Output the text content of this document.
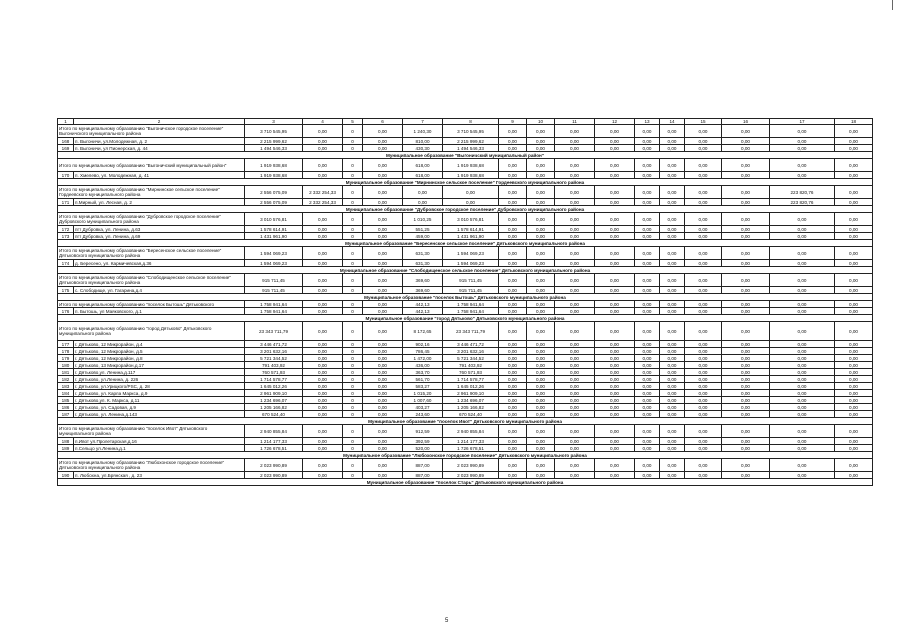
1	2	3	4	5	6	7	8	9	10	11	12	13	14	15	16	17	18
Итого по муниципальному образованию "Выгоничское городское поселение" Выгоничского муниципального района		3 710 545,95	0,00	0	0,00	1 240,30	3 710 545,95	0,00	0,00	0,00	0,00	0,00	0,00	0,00	0,00	0,00	0,00
168	п. Выгоничи, ул.Молодежная, д. 2	2 215 999,62	0,00	0	0,00	810,00	2 215 999,62	0,00	0,00	0,00	0,00	0,00	0,00	0,00	0,00	0,00	0,00
169	п. Выгоничи, ул Пионерская, д. 44	1 494 546,33	0,00	0	0,00	430,30	1 494 546,33	0,00	0,00	0,00	0,00	0,00	0,00	0,00	0,00	0,00	0,00
Муниципальное образование "Выгоничский муниципальный район"																	
Итого по муниципальному образованию "Выгоничский муниципальный район"		1 919 938,68	0,00	0	0,00	618,00	1 919 938,68	0,00	0,00	0,00	0,00	0,00	0,00	0,00	0,00	0,00	0,00
170	п. Хмелево, ул. Молодежная, д. 41	1 919 938,68	0,00	0	0,00	618,00	1 919 938,68	0,00	0,00	0,00	0,00	0,00	0,00	0,00	0,00	0,00	0,00
Муниципальное образование "Мирнинское сельское поселение" Гордеевского муниципального района																	
Итого по муниципальному образованию "Мирнинское сельское поселение" Гордеевского муниципального района		2 556 075,09	2 332 254,33	0	0,00	0,00	0,00	0,00	0,00	0,00	0,00	0,00	0,00	0,00	0,00	223 820,76	0,00
171	п.Мирный, ул. Лесная, д. 2	2 556 075,09	2 332 254,33	0	0,00	0,00	0,00	0,00	0,00	0,00	0,00	0,00	0,00	0,00	0,00	223 820,76	0,00
Муниципальное образование "Дубровское городское поселение" Дубровского муниципального района																	
Итого по муниципальному образованию "Дубровское городское поселение" Дубровского муниципального района		3 010 576,81	0,00	0	0,00	1 010,25	3 010 576,81	0,00	0,00	0,00	0,00	0,00	0,00	0,00	0,00	0,00	0,00
172	пгт Дубровка, ул. Ленина, д.63	1 578 614,91	0,00	0	0,00	551,25	1 578 614,91	0,00	0,00	0,00	0,00	0,00	0,00	0,00	0,00	0,00	0,00
173	пгт Дубровка, ул. Ленина, д.69	1 431 961,90	0,00	0	0,00	459,00	1 431 961,90	0,00	0,00	0,00	0,00	0,00	0,00	0,00	0,00	0,00	0,00
Муниципальное образование "Бересенское сельское поселение" Дятьковского муниципального района																	
Итого по муниципальному образованию "Бересенское сельское поселение" Дятьковского муниципального района		1 594 069,23	0,00	0	0,00	631,30	1 594 069,23	0,00	0,00	0,00	0,00	0,00	0,00	0,00	0,00	0,00	0,00
174	д. Бересено, ул. Кармичевская,д.36	1 594 069,23	0,00	0	0,00	631,30	1 594 069,23	0,00	0,00	0,00	0,00	0,00	0,00	0,00	0,00	0,00	0,00
Муниципальное образование "Слободищенское сельское поселение" Дятьковского муниципального района																	
Итого по муниципальному образованию "Слободищенское сельское поселение" Дятьковского муниципального района		915 711,45	0,00	0	0,00	369,60	915 711,45	0,00	0,00	0,00	0,00	0,00	0,00	0,00	0,00	0,00	0,00
175	с. Слободище, ул. Гагарина,д.4	915 711,45	0,00	0	0,00	369,60	915 711,45	0,00	0,00	0,00	0,00	0,00	0,00	0,00	0,00	0,00	0,00
Муниципальное образование "поселок Бытошь" Дятьковского муниципального района																	
Итого по муниципальному образованию "поселок Бытошь" Дятьковского		1 758 941,64	0,00	0	0,00	442,13	1 758 941,64	0,00	0,00	0,00	0,00	0,00	0,00	0,00	0,00	0,00	0,00
176	п. Бытошь, ул Маяковского, д.1	1 758 941,64	0,00	0	0,00	442,13	1 758 941,64	0,00	0,00	0,00	0,00	0,00	0,00	0,00	0,00	0,00	0,00
Муниципальное образование "город Дятьково" Дятьковского муниципального района																	
Итого по муниципальному образованию "город Дятьково" Дятьковского муниципального района		23 343 711,79	0,00	0	0,00	8 172,65	23 343 711,79	0,00	0,00	0,00	0,00	0,00	0,00	0,00	0,00	0,00	0,00
177	г. Дятьково, 12 Микрорайон, д.4	3 446 471,72	0,00	0	0,00	902,16	3 446 471,72	0,00	0,00	0,00	0,00	0,00	0,00	0,00	0,00	0,00	0,00
178	г. Дятьково, 12 Микрорайон, д.5	3 201 632,16	0,00	0	0,00	786,45	3 201 632,16	0,00	0,00	0,00	0,00	0,00	0,00	0,00	0,00	0,00	0,00
179	г. Дятьково, 12 Микрорайон, д.8	5 721 344,52	0,00	0	0,00	1 472,00	5 721 344,52	0,00	0,00	0,00	0,00	0,00	0,00	0,00	0,00	0,00	0,00
180	г. Дятьково, 13 Микрорайон,д.17	791 403,92	0,00	0	0,00	436,00	791 403,92	0,00	0,00	0,00	0,00	0,00	0,00	0,00	0,00	0,00	0,00
181	г. Дятьково,ул. Ленина,д.117	760 571,93	0,00	0	0,00	363,70	760 571,93	0,00	0,00	0,00	0,00	0,00	0,00	0,00	0,00	0,00	0,00
182	г. Дятьково, ул.Ленина, д. 226	1 714 578,77	0,00	0	0,00	561,70	1 714 578,77	0,00	0,00	0,00	0,00	0,00	0,00	0,00	0,00	0,00	0,00
183	г. Дятьково, ул.Урицкого/PSC, д. 28	1 645 012,26	0,00	0	0,00	583,27	1 645 012,26	0,00	0,00	0,00	0,00	0,00	0,00	0,00	0,00	0,00	0,00
184	г. Дятьково, ул. Карла Маркса, д.9	2 961 909,10	0,00	0	0,00	1 015,20	2 961 909,10	0,00	0,00	0,00	0,00	0,00	0,00	0,00	0,00	0,00	0,00
185	г. Дятьково,ул. К. Маркса, д.11	1 234 696,07	0,00	0	0,00	1 007,60	1 234 696,07	0,00	0,00	0,00	0,00	0,00	0,00	0,00	0,00	0,00	0,00
186	г. Дятьково, ул. Садовая, д.9	1 205 166,82	0,00	0	0,00	403,27	1 205 166,82	0,00	0,00	0,00	0,00	0,00	0,00	0,00	0,00	0,00	0,00
187	г. Дятьково, ул. Ленина,д.143	670 524,40	0,00	0	0,00	243,60	670 524,40	0,00	0,00	0,00	0,00	0,00	0,00	0,00	0,00	0,00	0,00
Муниципальное образование "поселок Ивот" Дятьковского муниципального района																	
Итого по муниципальному образованию "поселок Ивот" Дятьковского муниципального района		2 940 855,84	0,00	0	0,00	912,59	2 940 855,84	0,00	0,00	0,00	0,00	0,00	0,00	0,00	0,00	0,00	0,00
188	п.Ивот ул.Пролетарская,д.16	1 214 177,33	0,00	0	0,00	392,59	1 214 177,33	0,00	0,00	0,00	0,00	0,00	0,00	0,00	0,00	0,00	0,00
189	п.Сельцо ул.Ленина,д.1	1 726 678,51	0,00	0	0,00	520,00	1 726 678,51	0,00	0,00	0,00	0,00	0,00	0,00	0,00	0,00	0,00	0,00
Муниципальное образование "Любохонское городское поселение" Дятьковского муниципального района																	
Итого по муниципальному образованию "Любохонское городское поселение" Дятьковского муниципального района		2 023 990,89	0,00	0	0,00	887,00	2 023 990,89	0,00	0,00	0,00	0,00	0,00	0,00	0,00	0,00	0,00	0,00
190	п. Любохна, ул.Брянская , д. 23	2 023 990,89	0,00	0	0,00	887,00	2 023 990,89	0,00	0,00	0,00	0,00	0,00	0,00	0,00	0,00	0,00	0,00
Муниципальное образование "поселок Старь" Дятьковского муниципального района																	
5
